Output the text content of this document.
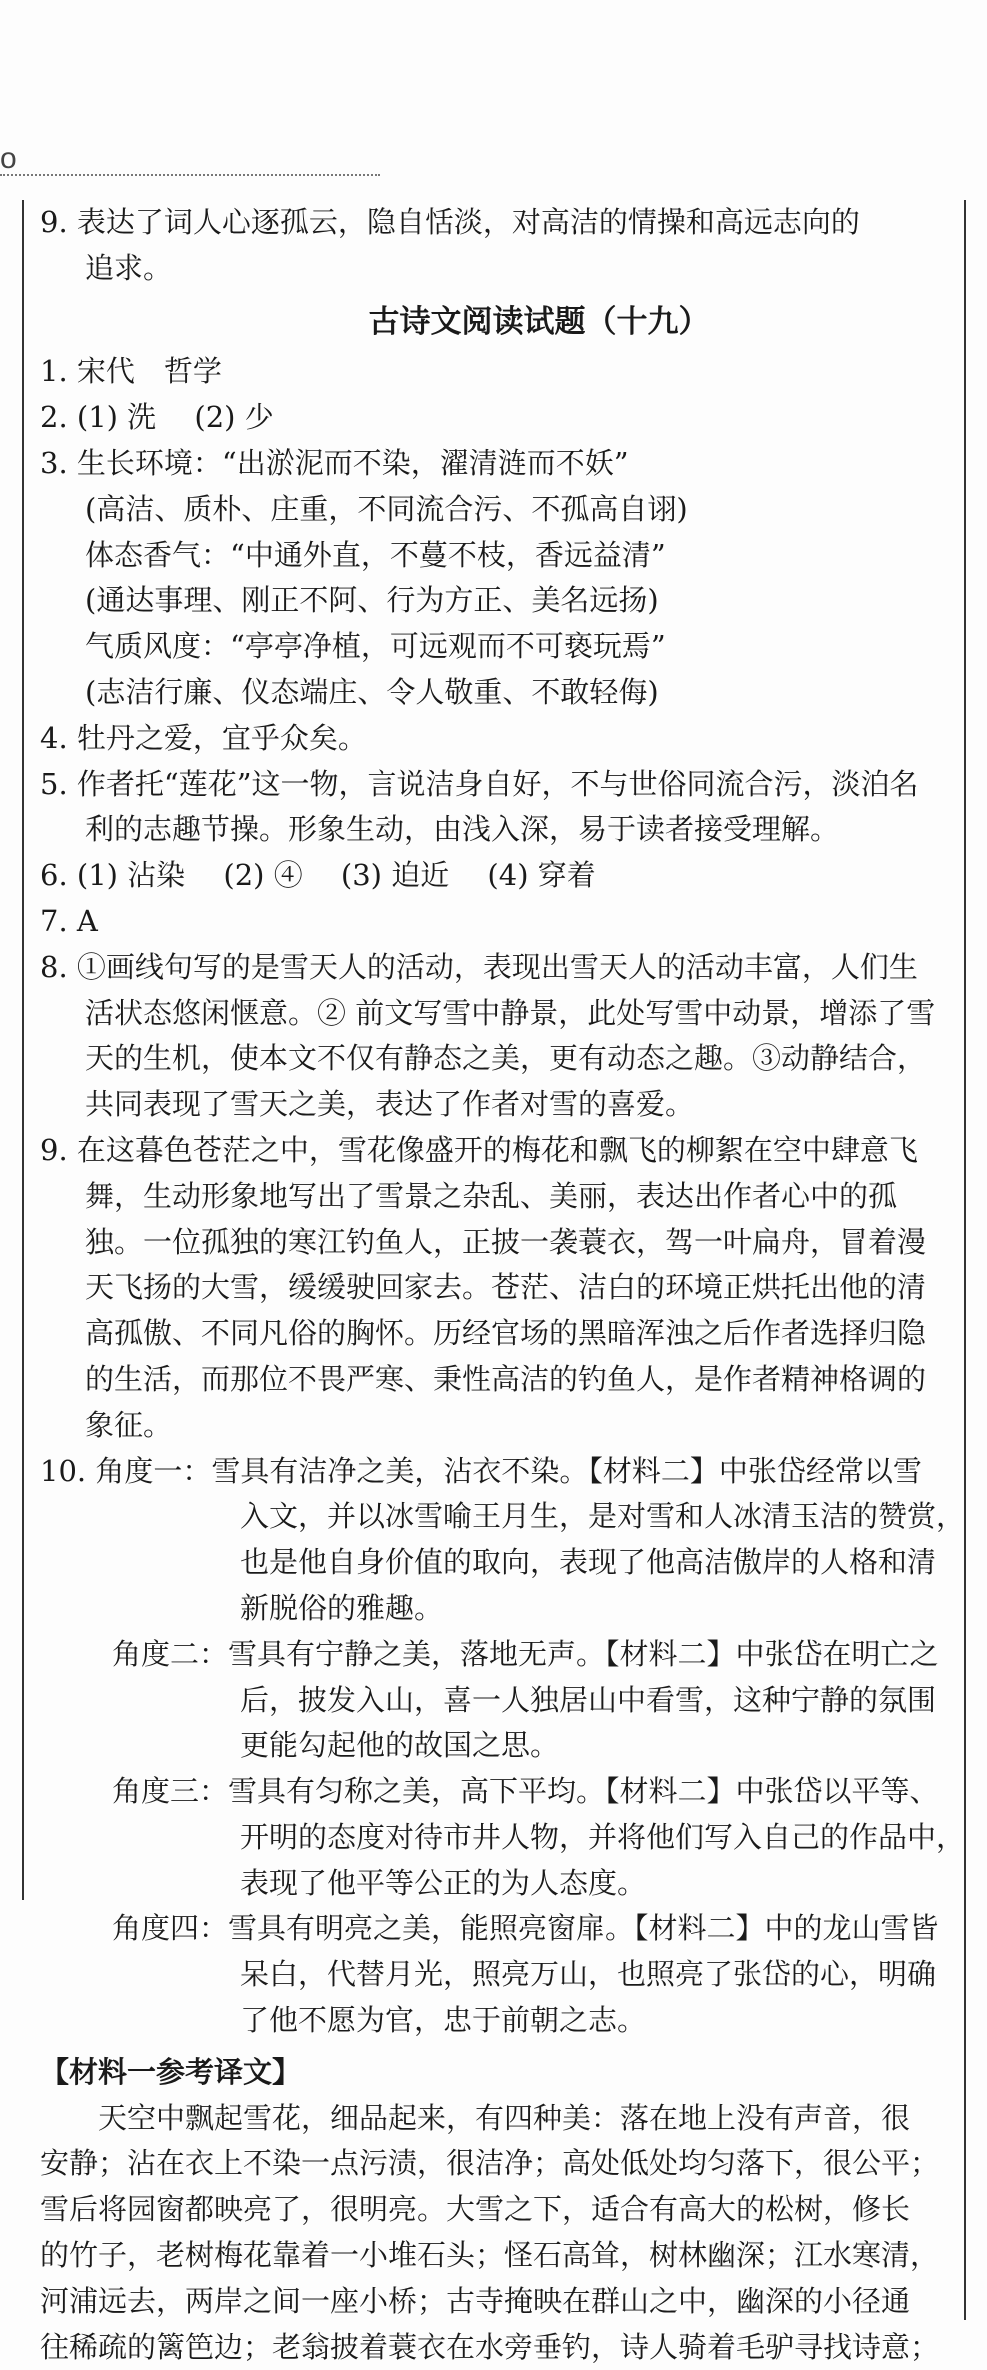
o
9. 表达了词人心逐孤云，隐自恬淡，对高洁的情操和高远志向的
追求。
古诗文阅读试题（十九）
1. 宋代　哲学
2. (1) 洗　 (2) 少
3. 生长环境：“出淤泥而不染，濯清涟而不妖”
(高洁、质朴、庄重，不同流合污、不孤高自诩)
体态香气：“中通外直，不蔓不枝，香远益清”
(通达事理、刚正不阿、行为方正、美名远扬)
气质风度：“亭亭净植，可远观而不可亵玩焉”
(志洁行廉、仪态端庄、令人敬重、不敢轻侮)
4. 牡丹之爱，宜乎众矣。
5. 作者托“莲花”这一物，言说洁身自好，不与世俗同流合污，淡泊名
利的志趣节操。形象生动，由浅入深，易于读者接受理解。
6. (1) 沾染　 (2) ④　 (3) 迫近　 (4) 穿着
7. A
8. ①画线句写的是雪天人的活动，表现出雪天人的活动丰富，人们生
活状态悠闲惬意。② 前文写雪中静景，此处写雪中动景，增添了雪
天的生机，使本文不仅有静态之美，更有动态之趣。③动静结合，
共同表现了雪天之美，表达了作者对雪的喜爱。
9. 在这暮色苍茫之中，雪花像盛开的梅花和飘飞的柳絮在空中肆意飞
舞，生动形象地写出了雪景之杂乱、美丽，表达出作者心中的孤
独。一位孤独的寒江钓鱼人，正披一袭蓑衣，驾一叶扁舟，冒着漫
天飞扬的大雪，缓缓驶回家去。苍茫、洁白的环境正烘托出他的清
高孤傲、不同凡俗的胸怀。历经官场的黑暗浑浊之后作者选择归隐
的生活，而那位不畏严寒、秉性高洁的钓鱼人，是作者精神格调的
象征。
10. 角度一：雪具有洁净之美，沾衣不染。【材料二】中张岱经常以雪
入文，并以冰雪喻王月生，是对雪和人冰清玉洁的赞赏，
也是他自身价值的取向，表现了他高洁傲岸的人格和清
新脱俗的雅趣。
角度二：雪具有宁静之美，落地无声。【材料二】中张岱在明亡之
后，披发入山，喜一人独居山中看雪，这种宁静的氛围
更能勾起他的故国之思。
角度三：雪具有匀称之美，高下平均。【材料二】中张岱以平等、
开明的态度对待市井人物，并将他们写入自己的作品中，
表现了他平等公正的为人态度。
角度四：雪具有明亮之美，能照亮窗扉。【材料二】中的龙山雪皆
呆白，代替月光，照亮万山，也照亮了张岱的心，明确
了他不愿为官，忠于前朝之志。
【材料一参考译文】
天空中飘起雪花，细品起来，有四种美：落在地上没有声音，很
安静；沾在衣上不染一点污渍，很洁净；高处低处均匀落下，很公平；
雪后将园窗都映亮了，很明亮。大雪之下，适合有高大的松树，修长
的竹子，老树梅花靠着一小堆石头；怪石高耸，树林幽深；江水寒清，
河浦远去，两岸之间一座小桥；古寺掩映在群山之中，幽深的小径通
往稀疏的篱笆边；老翁披着蓑衣在水旁垂钓，诗人骑着毛驴寻找诗意；
